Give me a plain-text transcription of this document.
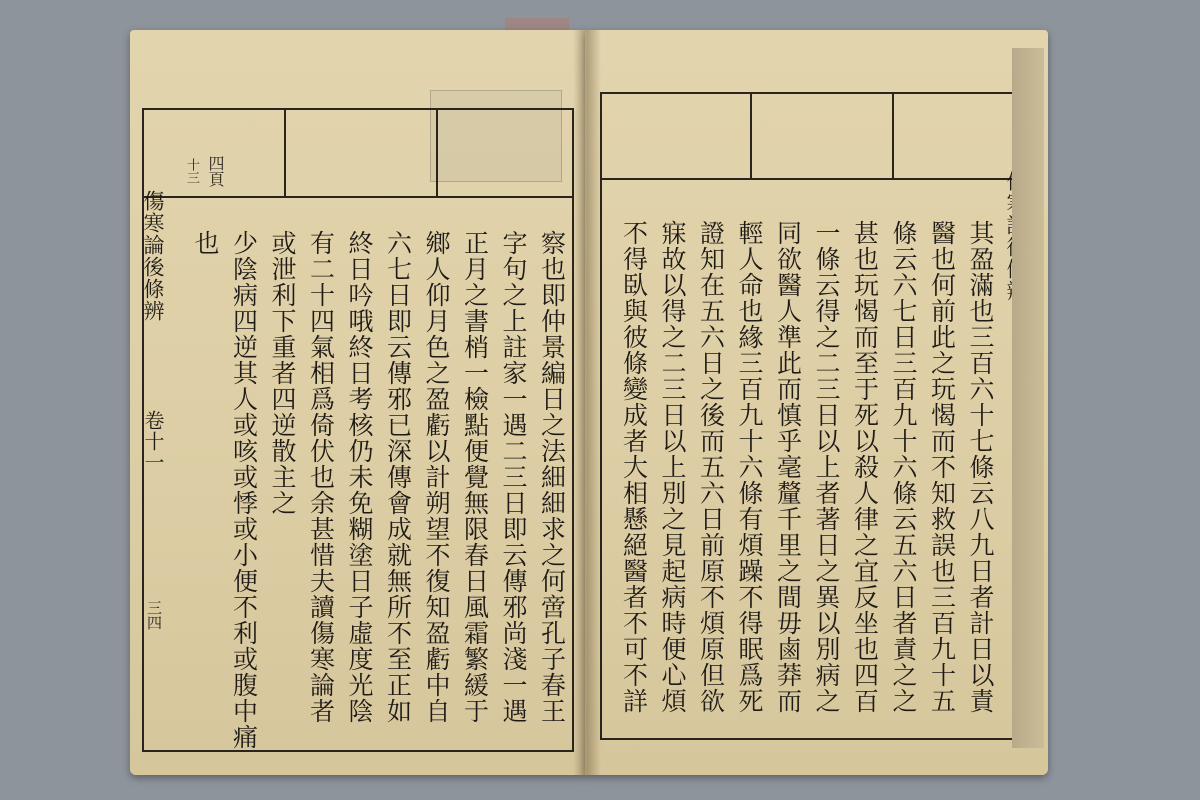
四頁
十三
傷寒論後條辨
卷十一
三四
也 少陰病四逆其人或咳或悸或小便不利或腹中痛 或泄利下重者四逆散主之 有二十四氣相爲倚伏也余甚惜夫讀傷寒論者 終日吟哦終日考核仍未免糊塗日子虛度光陰 六七日即云傳邪已深傳會成就無所不至正如 鄉人仰月色之盈虧以計朔望不復知盈虧中自 正月之書梢一檢點便覺無限春日風霜繁緩于 字句之上註家一遇二三日即云傳邪尚淺一遇 察也即仲景編日之法細細求之何啻孔子春王	其盈滿也三百六十七條云八九日者計日以責
醫也何前此之玩愒而不知救誤也三百九十五
條云六七日三百九十六條云五六日者責之之
甚也玩愒而至于死以殺人律之宜反坐也四百
一條云得之二三日以上者著日之異以別病之
同欲醫人準此而慎乎毫釐千里之間毋鹵莽而
輕人命也緣三百九十六條有煩躁不得眠爲死
證知在五六日之後而五六日前原不煩原但欲
寐故以得之二三日以上別之見起病時便心煩
不得臥與彼條變成者大相懸絕醫者不可不詳
